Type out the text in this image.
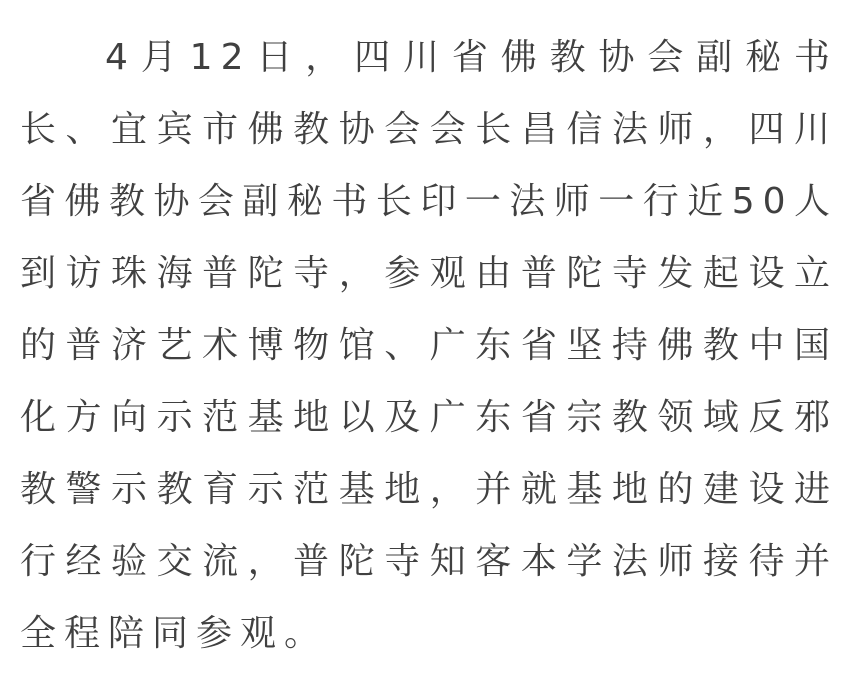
4月12日，四川省佛教协会副秘书长、宜宾市佛教协会会长昌信法师，四川省佛教协会副秘书长印一法师一行近50人到访珠海普陀寺，参观由普陀寺发起设立的普济艺术博物馆、广东省坚持佛教中国化方向示范基地以及广东省宗教领域反邪教警示教育示范基地，并就基地的建设进行经验交流，普陀寺知客本学法师接待并全程陪同参观。
